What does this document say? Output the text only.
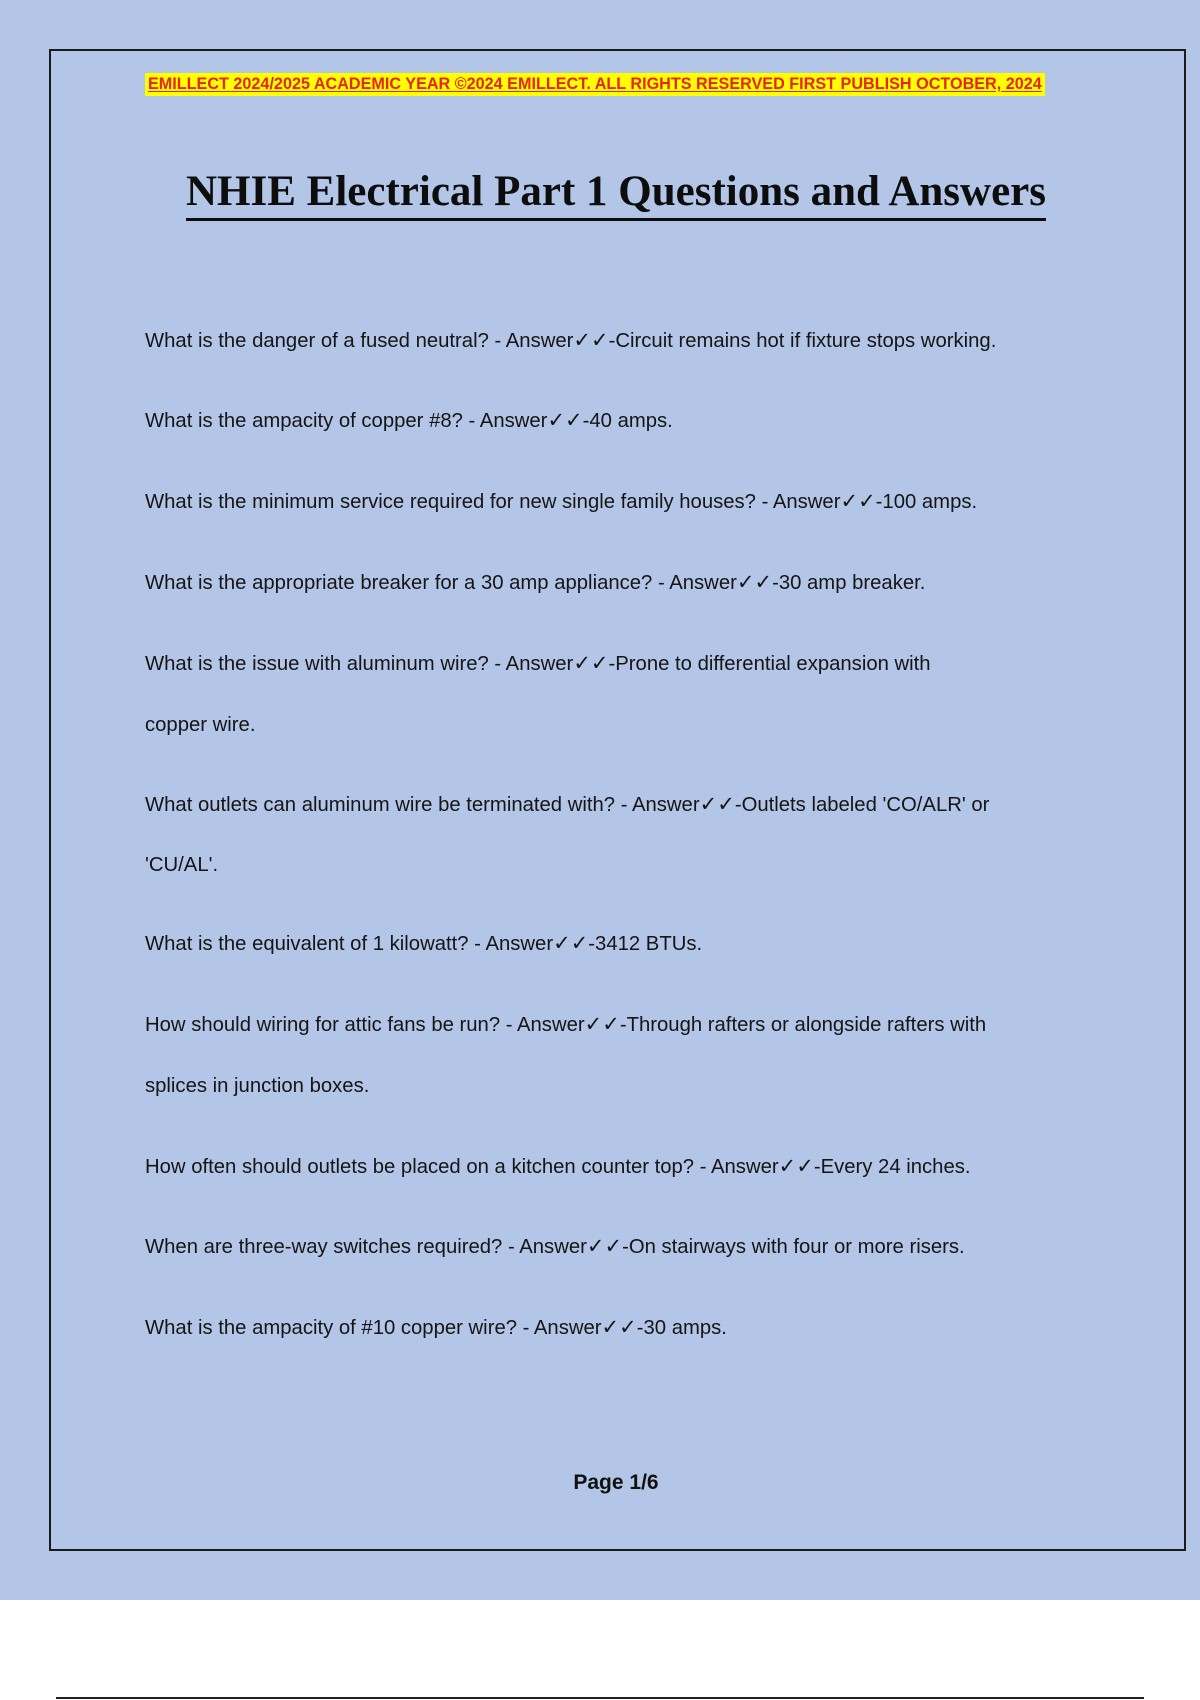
EMILLECT 2024/2025 ACADEMIC YEAR ©2024 EMILLECT. ALL RIGHTS RESERVED FIRST PUBLISH OCTOBER, 2024
NHIE Electrical Part 1 Questions and Answers
What is the danger of a fused neutral? - Answer✓✓-Circuit remains hot if fixture stops working.
What is the ampacity of copper #8? - Answer✓✓-40 amps.
What is the minimum service required for new single family houses? - Answer✓✓-100 amps.
What is the appropriate breaker for a 30 amp appliance? - Answer✓✓-30 amp breaker.
What is the issue with aluminum wire? - Answer✓✓-Prone to differential expansion with
copper wire.
What outlets can aluminum wire be terminated with? - Answer✓✓-Outlets labeled 'CO/ALR' or
'CU/AL'.
What is the equivalent of 1 kilowatt? - Answer✓✓-3412 BTUs.
How should wiring for attic fans be run? - Answer✓✓-Through rafters or alongside rafters with
splices in junction boxes.
How often should outlets be placed on a kitchen counter top? - Answer✓✓-Every 24 inches.
When are three-way switches required? - Answer✓✓-On stairways with four or more risers.
What is the ampacity of #10 copper wire? - Answer✓✓-30 amps.
Page 1/6
